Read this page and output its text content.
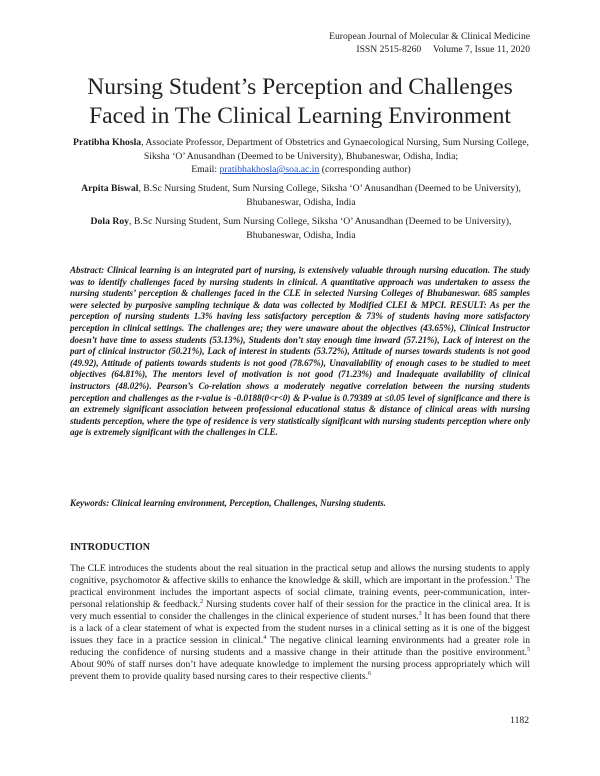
European Journal of Molecular & Clinical Medicine
ISSN 2515-8260     Volume 7, Issue 11, 2020
Nursing Student’s Perception and Challenges
Faced in The Clinical Learning Environment
Pratibha Khosla, Associate Professor, Department of Obstetrics and Gynaecological Nursing, Sum Nursing College, Siksha ‘O’ Anusandhan (Deemed to be University), Bhubaneswar, Odisha, India;
Email: pratibhakhosla@soa.ac.in (corresponding author)
Arpita Biswal, B.Sc Nursing Student, Sum Nursing College, Siksha ‘O’ Anusandhan (Deemed to be University), Bhubaneswar, Odisha, India
Dola Roy, B.Sc Nursing Student, Sum Nursing College, Siksha ‘O’ Anusandhan (Deemed to be University), Bhubaneswar, Odisha, India
Abstract: Clinical learning is an integrated part of nursing, is extensively valuable through nursing education. The study was to identify challenges faced by nursing students in clinical. A quantitative approach was undertaken to assess the nursing students’ perception & challenges faced in the CLE in selected Nursing Colleges of Bhubaneswar. 685 samples were selected by purposive sampling technique & data was collected by Modified CLEI & MPCI. RESULT: As per the perception of nursing students 1.3% having less satisfactory perception & 73% of students having more satisfactory perception in clinical settings. The challenges are; they were unaware about the objectives (43.65%), Clinical Instructor doesn’t have time to assess students (53.13%), Students don’t stay enough time inward (57.21%), Lack of interest on the part of clinical instructor (50.21%), Lack of interest in students (53.72%), Attitude of nurses towards students is not good (49.92), Attitude of patients towards students is not good (78.67%), Unavailability of enough cases to be studied to meet objectives (64.81%), The mentors level of motivation is not good (71.23%) and Inadequate availability of clinical instructors (48.02%). Pearson’s Co-relation shows a moderately negative correlation between the nursing students perception and challenges as the r-value is -0.0188(0<r<0) & P-value is 0.79389 at ≤0.05 level of significance and there is an extremely significant association between professional educational status & distance of clinical areas with nursing students perception, where the type of residence is very statistically significant with nursing students perception where only age is extremely significant with the challenges in CLE.
Keywords: Clinical learning environment, Perception, Challenges, Nursing students.
INTRODUCTION
The CLE introduces the students about the real situation in the practical setup and allows the nursing students to apply cognitive, psychomotor & affective skills to enhance the knowledge & skill, which are important in the profession.$^1$ The practical environment includes the important aspects of social climate, training events, peer-communication, inter-personal relationship & feedback.$^2$ Nursing students cover half of their session for the practice in the clinical area. It is very much essential to consider the challenges in the clinical experience of student nurses.$^3$ It has been found that there is a lack of a clear statement of what is expected from the student nurses in a clinical setting as it is one of the biggest issues they face in a practice session in clinical.$^4$ The negative clinical learning environments had a greater role in reducing the confidence of nursing students and a massive change in their attitude than the positive environment.$^5$ About 90% of staff nurses don’t have adequate knowledge to implement the nursing process appropriately which will prevent them to provide quality based nursing cares to their respective clients.$^6$
1182
